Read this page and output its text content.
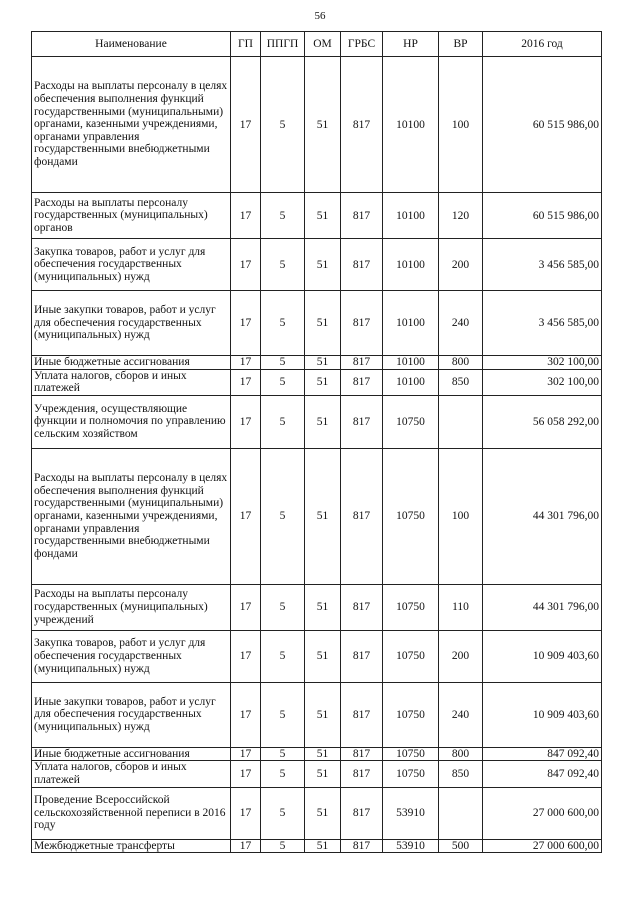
56
Наименование	ГП	ППГП	ОМ	ГРБС	НР	ВР	2016 год
Расходы на выплаты персоналу в целях обеспечения выполнения функций государственными (муниципальными) органами, казенными учреждениями, органами управления государственными внебюджетными фондами	17	5	51	817	10100	100	60 515 986,00
Расходы на выплаты персоналу государственных (муниципальных) органов	17	5	51	817	10100	120	60 515 986,00
Закупка товаров, работ и услуг для обеспечения государственных (муниципальных) нужд	17	5	51	817	10100	200	3 456 585,00
Иные закупки товаров, работ и услуг для обеспечения государственных (муниципальных) нужд	17	5	51	817	10100	240	3 456 585,00
Иные бюджетные ассигнования	17	5	51	817	10100	800	302 100,00
Уплата налогов, сборов и иных платежей	17	5	51	817	10100	850	302 100,00
Учреждения, осуществляющие функции и полномочия по управлению сельским хозяйством	17	5	51	817	10750		56 058 292,00
Расходы на выплаты персоналу в целях обеспечения выполнения функций государственными (муниципальными) органами, казенными учреждениями, органами управления государственными внебюджетными фондами	17	5	51	817	10750	100	44 301 796,00
Расходы на выплаты персоналу государственных (муниципальных) учреждений	17	5	51	817	10750	110	44 301 796,00
Закупка товаров, работ и услуг для обеспечения государственных (муниципальных) нужд	17	5	51	817	10750	200	10 909 403,60
Иные закупки товаров, работ и услуг для обеспечения государственных (муниципальных) нужд	17	5	51	817	10750	240	10 909 403,60
Иные бюджетные ассигнования	17	5	51	817	10750	800	847 092,40
Уплата налогов, сборов и иных платежей	17	5	51	817	10750	850	847 092,40
Проведение Всероссийской сельскохозяйственной переписи в 2016 году	17	5	51	817	53910		27 000 600,00
Межбюджетные трансферты	17	5	51	817	53910	500	27 000 600,00
